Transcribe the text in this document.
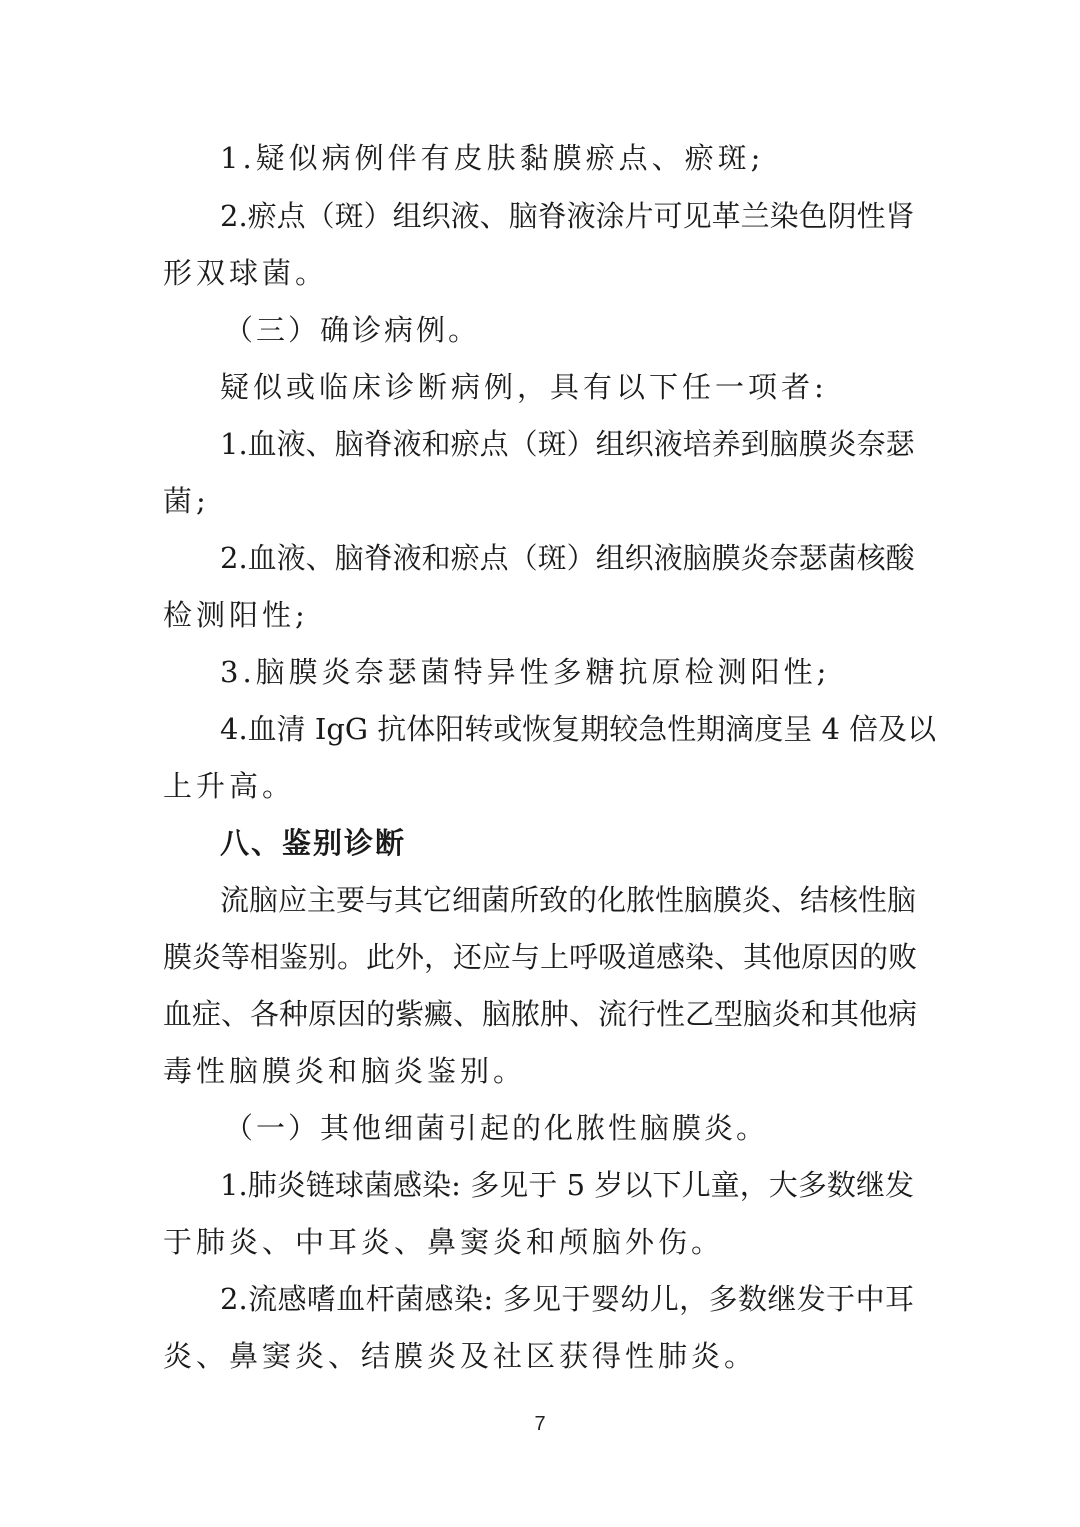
1.疑似病例伴有皮肤黏膜瘀点、瘀斑;
2.瘀点（斑）组织液、脑脊液涂片可见革兰染色阴性肾
形双球菌。
（三）确诊病例。
疑似或临床诊断病例，具有以下任一项者:
1.血液、脑脊液和瘀点（斑）组织液培养到脑膜炎奈瑟
菌;
2.血液、脑脊液和瘀点（斑）组织液脑膜炎奈瑟菌核酸
检测阳性;
3.脑膜炎奈瑟菌特异性多糖抗原检测阳性;
4.血清 IgG 抗体阳转或恢复期较急性期滴度呈 4 倍及以
上升高。
八、鉴别诊断
流脑应主要与其它细菌所致的化脓性脑膜炎、结核性脑
膜炎等相鉴别。此外，还应与上呼吸道感染、其他原因的败
血症、各种原因的紫癜、脑脓肿、流行性乙型脑炎和其他病
毒性脑膜炎和脑炎鉴别。
（一）其他细菌引起的化脓性脑膜炎。
1.肺炎链球菌感染: 多见于 5 岁以下儿童，大多数继发
于肺炎、中耳炎、鼻窦炎和颅脑外伤。
2.流感嗜血杆菌感染: 多见于婴幼儿，多数继发于中耳
炎、鼻窦炎、结膜炎及社区获得性肺炎。
7
